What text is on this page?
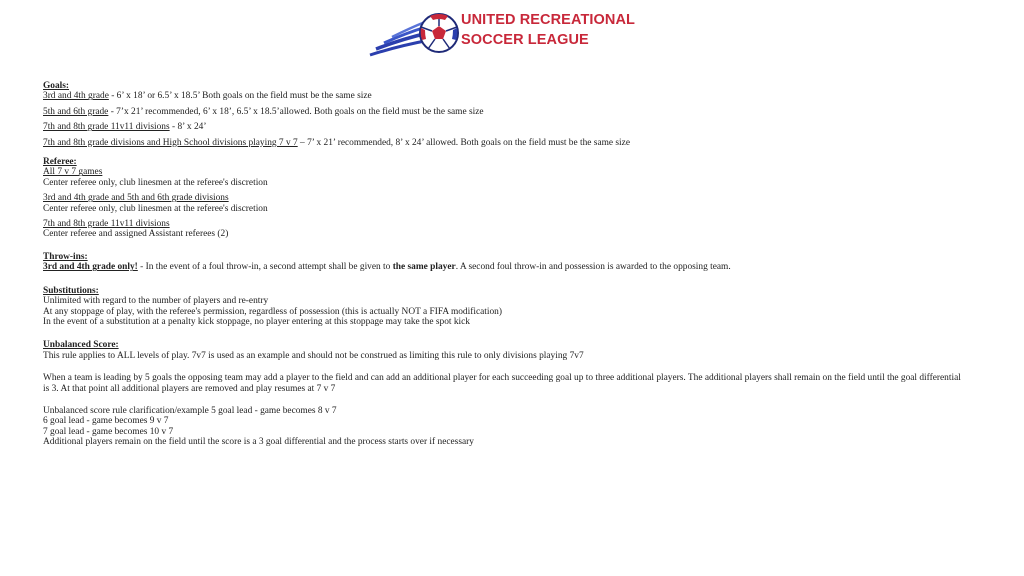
UNITED RECREATIONAL
SOCCER LEAGUE
Goals:
3rd and 4th grade - 6’ x 18’ or 6.5’ x 18.5’ Both goals on the field must be the same size
5th and 6th grade - 7’x 21’ recommended, 6’ x 18’, 6.5’ x 18.5’allowed. Both goals on the field must be the same size
7th and 8th grade 11v11 divisions - 8’ x 24’
7th and 8th grade divisions and High School divisions playing 7 v 7 – 7’ x 21’ recommended, 8’ x 24’ allowed. Both goals on the field must be the same size
Referee:
All 7 v 7 games
Center referee only, club linesmen at the referee's discretion
3rd and 4th grade and 5th and 6th grade divisions
Center referee only, club linesmen at the referee's discretion
7th and 8th grade 11v11 divisions
Center referee and assigned Assistant referees (2)
Throw-ins:
3rd and 4th grade only! - In the event of a foul throw-in, a second attempt shall be given to the same player. A second foul throw-in and possession is awarded to the opposing team.
Substitutions:
Unlimited with regard to the number of players and re-entry
At any stoppage of play, with the referee's permission, regardless of possession (this is actually NOT a FIFA modification)
In the event of a substitution at a penalty kick stoppage, no player entering at this stoppage may take the spot kick
Unbalanced Score:
This rule applies to ALL levels of play. 7v7 is used as an example and should not be construed as limiting this rule to only divisions playing 7v7
When a team is leading by 5 goals the opposing team may add a player to the field and can add an additional player for each succeeding goal up to three additional players. The additional players shall remain on the field until the goal differential is 3. At that point all additional players are removed and play resumes at 7 v 7
Unbalanced score rule clarification/example 5 goal lead - game becomes 8 v 7
6 goal lead - game becomes 9 v 7
7 goal lead - game becomes 10 v 7
Additional players remain on the field until the score is a 3 goal differential and the process starts over if necessary
